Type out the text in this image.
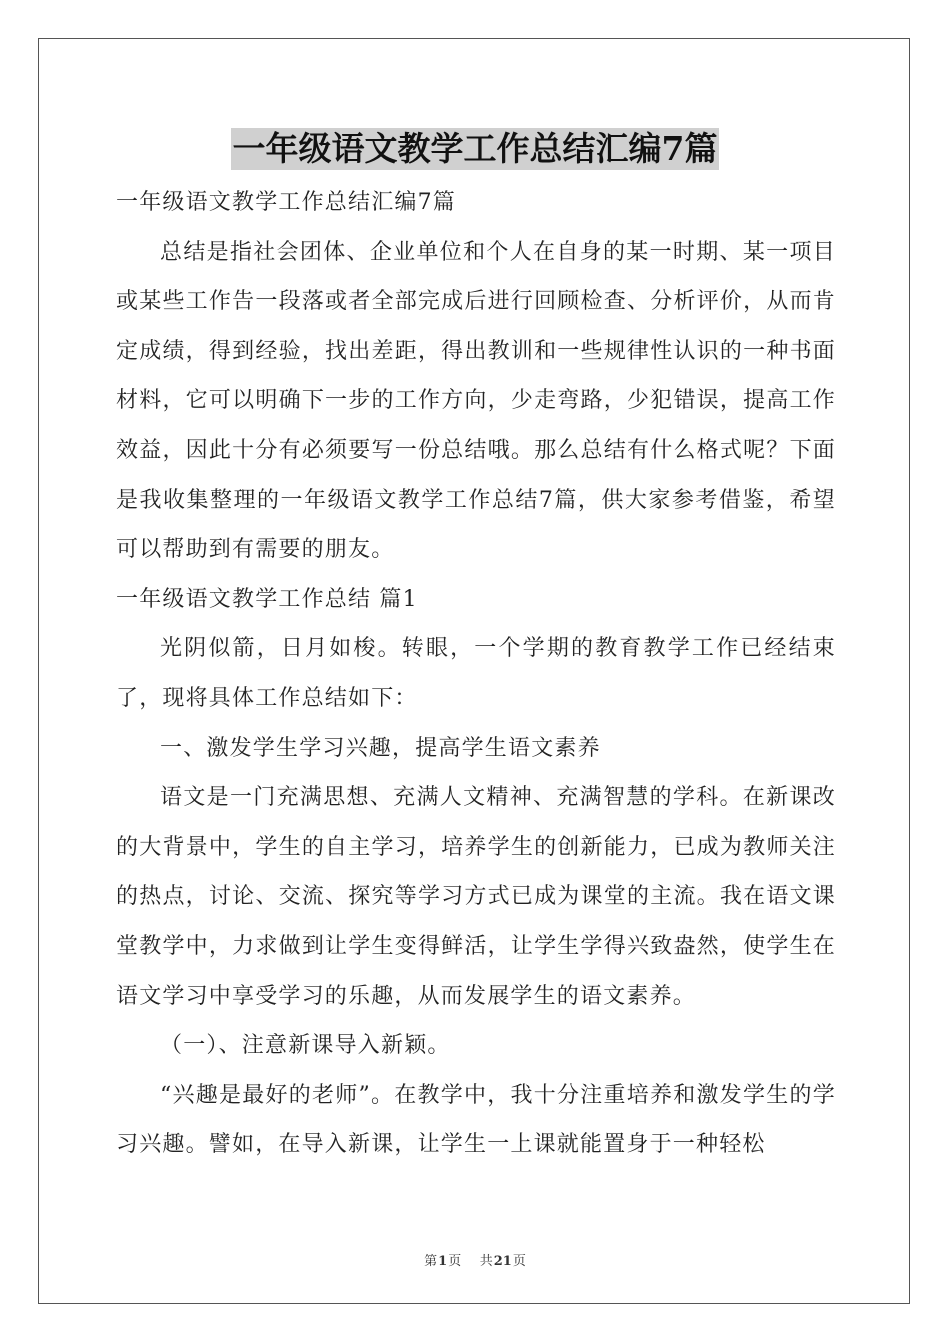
一年级语文教学工作总结汇编7篇

一年级语文教学工作总结汇编7篇

总结是指社会团体、企业单位和个人在自身的某一时期、某一项目或某些工作告一段落或者全部完成后进行回顾检查、分析评价，从而肯定成绩，得到经验，找出差距，得出教训和一些规律性认识的一种书面材料，它可以明确下一步的工作方向，少走弯路，少犯错误，提高工作效益，因此十分有必须要写一份总结哦。那么总结有什么格式呢？下面是我收集整理的一年级语文教学工作总结7篇，供大家参考借鉴，希望可以帮助到有需要的朋友。

一年级语文教学工作总结 篇1

光阴似箭，日月如梭。转眼，一个学期的教育教学工作已经结束了，现将具体工作总结如下：

一、激发学生学习兴趣，提高学生语文素养

语文是一门充满思想、充满人文精神、充满智慧的学科。在新课改的大背景中，学生的自主学习，培养学生的创新能力，已成为教师关注的热点，讨论、交流、探究等学习方式已成为课堂的主流。我在语文课堂教学中，力求做到让学生变得鲜活，让学生学得兴致盎然，使学生在语文学习中享受学习的乐趣，从而发展学生的语文素养。

（一）、注意新课导入新颖。

“兴趣是最好的老师”。在教学中，我十分注重培养和激发学生的学习兴趣。譬如，在导入新课，让学生一上课就能置身于一种轻松

第1页 共21页
